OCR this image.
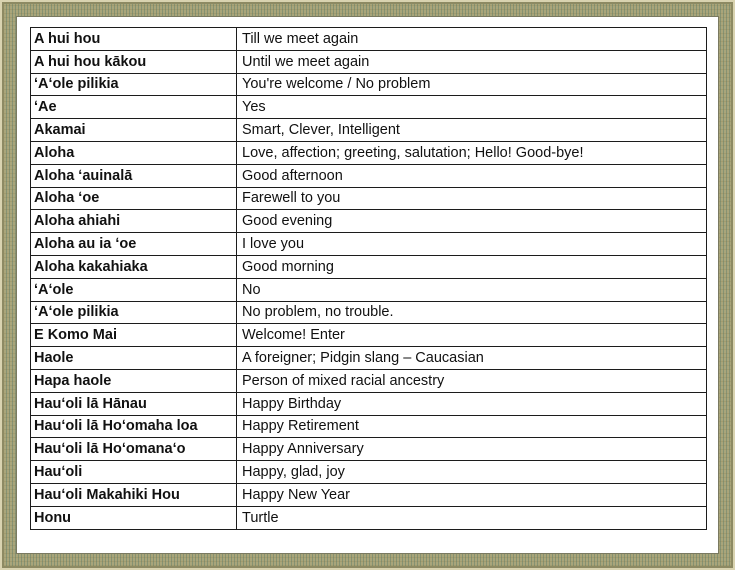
A hui hou	Till we meet again
A hui hou kākou	Until we meet again
ʻAʻole pilikia	You're welcome / No problem
ʻAe	Yes
Akamai	Smart, Clever, Intelligent
Aloha	Love, affection; greeting, salutation; Hello! Good-bye!
Aloha ʻauinalā	Good afternoon
Aloha ʻoe	Farewell to you
Aloha ahiahi	Good evening
Aloha au ia ʻoe	I love you
Aloha kakahiaka	Good morning
ʻAʻole	No
ʻAʻole pilikia	No problem, no trouble.
E Komo Mai	Welcome! Enter
Haole	A foreigner; Pidgin slang – Caucasian
Hapa haole	Person of mixed racial ancestry
Hauʻoli lā Hānau	Happy Birthday
Hauʻoli lā Hoʻomaha loa	Happy Retirement
Hauʻoli lā Hoʻomanaʻo	Happy Anniversary
Hauʻoli	Happy, glad, joy
Hauʻoli Makahiki Hou	Happy New Year
Honu	Turtle
